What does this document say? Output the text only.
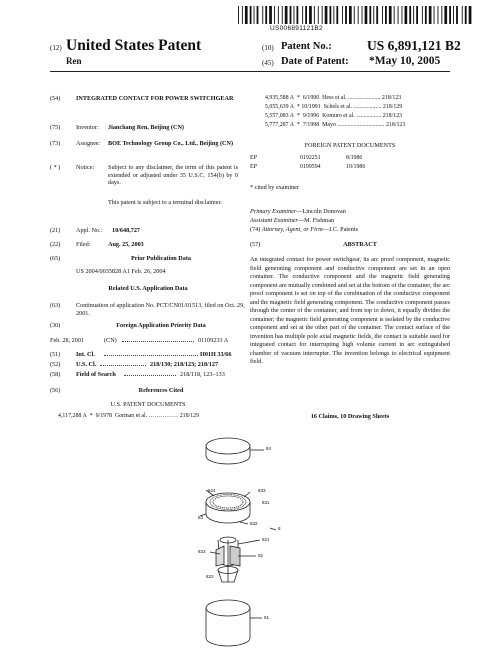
US006891121B2
(12) United States Patent
Ren
(10) Patent No.:	US 6,891,121 B2
(45) Date of Patent: *May 10, 2005
(54)	INTEGRATED CONTACT FOR POWER SWITCHGEAR
(75)	Inventor: Jianchang Ren, Beijing (CN)
(73)	Assignee: BOE Technology Group Co., Ltd., Beijing (CN)
( * )	Notice: Subject to any disclaimer, the term of this patent is extended or adjusted under 35 U.S.C. 154(b) by 0 days.
This patent is subject to a terminal disclaimer.
(21)	Appl. No.: 10/648,727
(22)	Filed:	Aug. 25, 2003
(65)	Prior Publication Data
US 2004/0035828 A1 Feb. 26, 2004
Related U.S. Application Data
(63)	Continuation of application No. PCT/CN01/01513, filed on Oct. 29, 2001.
(30)	Foreign Application Priority Data
Feb. 28, 2001	(CN)	01109233 A
(51)	Int. Cl.	H01H 33/66
(52)	U.S. Cl.	218/130; 218/123; 218/127
(58)	Field of Search	218/118, 123–133
(56)	References Cited
U.S. PATENT DOCUMENTS
4,117,288 A * 9/1978 Gorman et al. ............... 218/129
4,935,588 A * 6/1990 Hess et al. ...................... 218/123
5,055,639 A * 10/1991 Schels et al. ................... 218/129
5,557,083 A * 9/1996 Komuro et al. ................. 218/123
5,777,287 A * 7/1998 Mayo ................................ 218/123
FOREIGN PATENT DOCUMENTS
EP	0192251	8/1986
EP	0199594	10/1986
* cited by examiner
Primary Examiner—Lincoln Donovan
Assistant Examiner—M. Fishman
(74) Attorney, Agent, or Firm—J.C. Patents
(57)	ABSTRACT
An integrated contact for power switchgear, its arc proof component, magnetic field generating component and conductive component are set in an open container. The conductive component and the magnetic field generating component are mutually combined and set at the bottom of the container, the arc proof component is set on top of the combination of the conductive component and the magnetic field generating component. The conductive component passes through the center of the container, and from top to down, it equally divides the container; the magnetic field generating component is isolated by the conductive component and set at the other part of the container. The contact surface of the invention has multiple pole axial magnetic fields, the contact is suitable used for integrated contact for interrupting high volume current in arc extinguished chamber of vacuum interrupter. The invention belongs to electrical equipment field.
16 Claims, 10 Drawing Sheets
84
824	833
83
831
832
8
821
823
82
822
81
